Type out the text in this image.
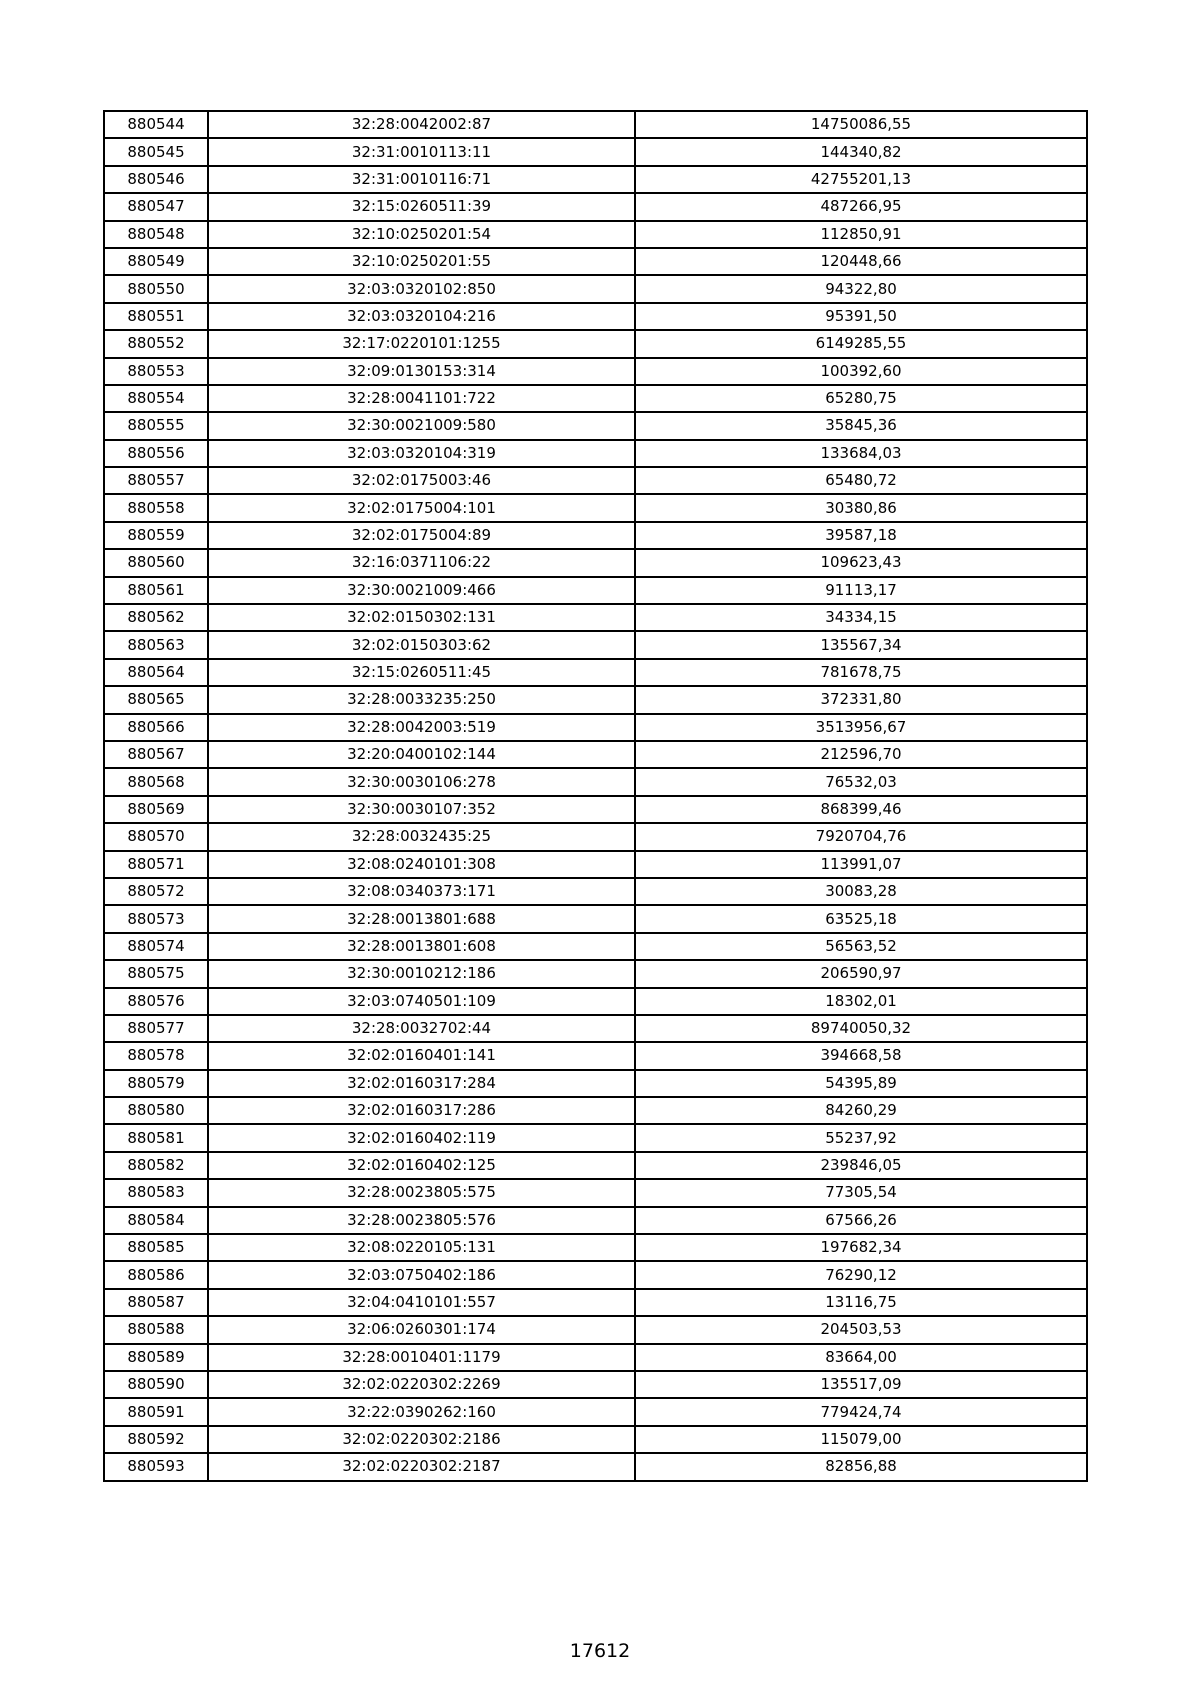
880544	32:28:0042002:87	14750086,55
880545	32:31:0010113:11	144340,82
880546	32:31:0010116:71	42755201,13
880547	32:15:0260511:39	487266,95
880548	32:10:0250201:54	112850,91
880549	32:10:0250201:55	120448,66
880550	32:03:0320102:850	94322,80
880551	32:03:0320104:216	95391,50
880552	32:17:0220101:1255	6149285,55
880553	32:09:0130153:314	100392,60
880554	32:28:0041101:722	65280,75
880555	32:30:0021009:580	35845,36
880556	32:03:0320104:319	133684,03
880557	32:02:0175003:46	65480,72
880558	32:02:0175004:101	30380,86
880559	32:02:0175004:89	39587,18
880560	32:16:0371106:22	109623,43
880561	32:30:0021009:466	91113,17
880562	32:02:0150302:131	34334,15
880563	32:02:0150303:62	135567,34
880564	32:15:0260511:45	781678,75
880565	32:28:0033235:250	372331,80
880566	32:28:0042003:519	3513956,67
880567	32:20:0400102:144	212596,70
880568	32:30:0030106:278	76532,03
880569	32:30:0030107:352	868399,46
880570	32:28:0032435:25	7920704,76
880571	32:08:0240101:308	113991,07
880572	32:08:0340373:171	30083,28
880573	32:28:0013801:688	63525,18
880574	32:28:0013801:608	56563,52
880575	32:30:0010212:186	206590,97
880576	32:03:0740501:109	18302,01
880577	32:28:0032702:44	89740050,32
880578	32:02:0160401:141	394668,58
880579	32:02:0160317:284	54395,89
880580	32:02:0160317:286	84260,29
880581	32:02:0160402:119	55237,92
880582	32:02:0160402:125	239846,05
880583	32:28:0023805:575	77305,54
880584	32:28:0023805:576	67566,26
880585	32:08:0220105:131	197682,34
880586	32:03:0750402:186	76290,12
880587	32:04:0410101:557	13116,75
880588	32:06:0260301:174	204503,53
880589	32:28:0010401:1179	83664,00
880590	32:02:0220302:2269	135517,09
880591	32:22:0390262:160	779424,74
880592	32:02:0220302:2186	115079,00
880593	32:02:0220302:2187	82856,88
17612
